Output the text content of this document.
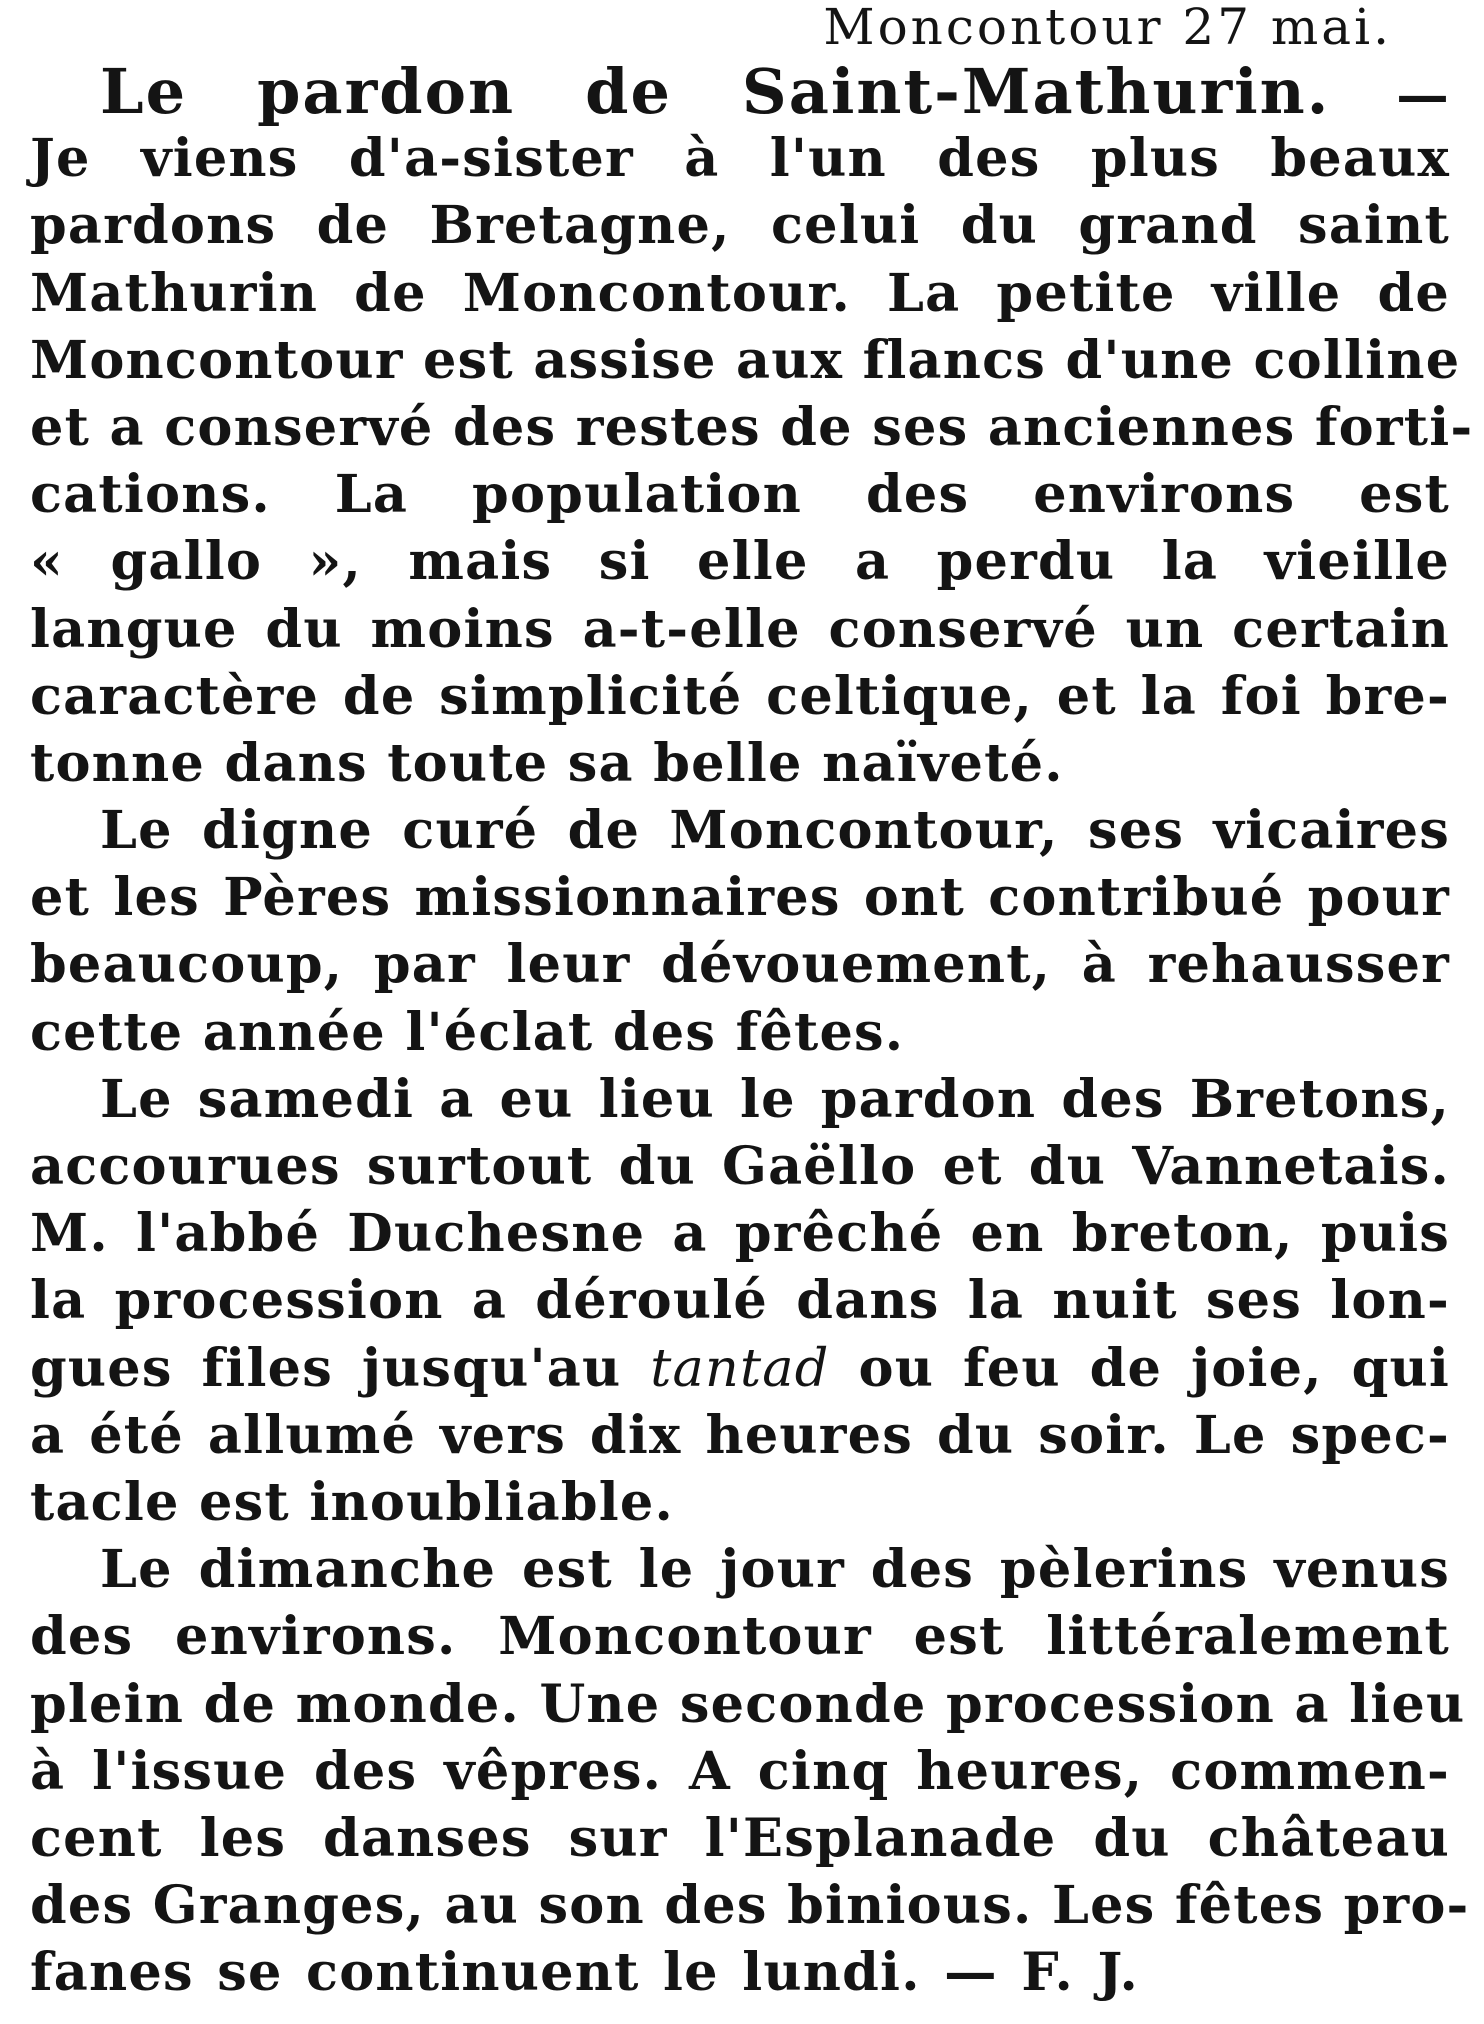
Moncontour 27 mai.
Le pardon de Saint-Mathurin. —
Je viens d'a-sister à l'un des plus beaux
pardons de Bretagne, celui du grand saint
Mathurin de Moncontour. La petite ville de
Moncontour est assise aux flancs d'une colline
et a conservé des restes de ses anciennes forti-
cations. La population des environs est
« gallo », mais si elle a perdu la vieille
langue du moins a-t-elle conservé un certain
caractère de simplicité celtique, et la foi bre-
tonne dans toute sa belle naïveté.
Le digne curé de Moncontour, ses vicaires
et les Pères missionnaires ont contribué pour
beaucoup, par leur dévouement, à rehausser
cette année l'éclat des fêtes.
Le samedi a eu lieu le pardon des Bretons,
accourues surtout du Gaëllo et du Vannetais.
M. l'abbé Duchesne a prêché en breton, puis
la procession a déroulé dans la nuit ses lon-
gues files jusqu'au tantad ou feu de joie, qui
a été allumé vers dix heures du soir. Le spec-
tacle est inoubliable.
Le dimanche est le jour des pèlerins venus
des environs. Moncontour est littéralement
plein de monde. Une seconde procession a lieu
à l'issue des vêpres. A cinq heures, commen-
cent les danses sur l'Esplanade du château
des Granges, au son des binious. Les fêtes pro-
fanes se continuent le lundi. — F. J.
